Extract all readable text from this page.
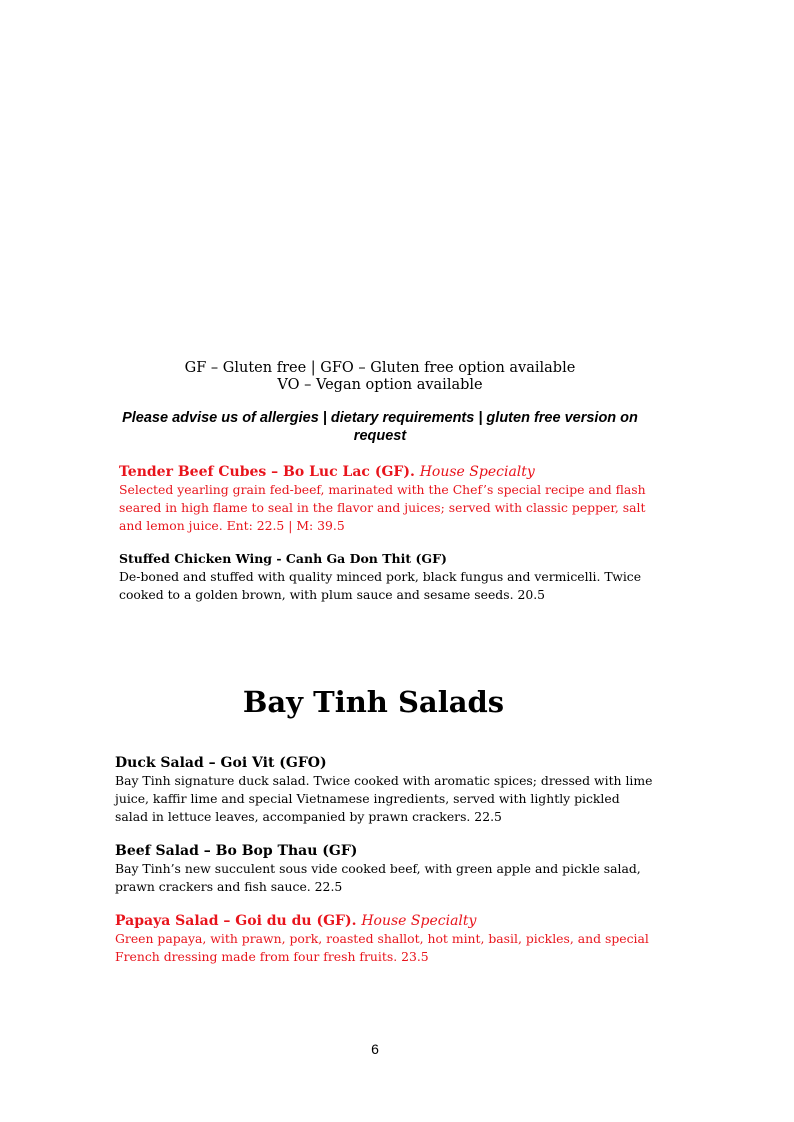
GF – Gluten free | GFO – Gluten free option available
VO – Vegan option available
Please advise us of allergies | dietary requirements | gluten free version on request
Tender Beef Cubes – Bo Luc Lac (GF). House Specialty
Selected yearling grain fed-beef, marinated with the Chef’s special recipe and flash seared in high flame to seal in the flavor and juices; served with classic pepper, salt and lemon juice. Ent: 22.5 | M: 39.5
Stuffed Chicken Wing - Canh Ga Don Thit (GF)
De-boned and stuffed with quality minced pork, black fungus and vermicelli. Twice cooked to a golden brown, with plum sauce and sesame seeds. 20.5
Bay Tinh Salads
Duck Salad – Goi Vit (GFO)
Bay Tinh signature duck salad. Twice cooked with aromatic spices; dressed with lime juice, kaffir lime and special Vietnamese ingredients, served with lightly pickled salad in lettuce leaves, accompanied by prawn crackers. 22.5
Beef Salad – Bo Bop Thau (GF)
Bay Tinh’s new succulent sous vide cooked beef, with green apple and pickle salad, prawn crackers and fish sauce. 22.5
Papaya Salad – Goi du du (GF). House Specialty
Green papaya, with prawn, pork, roasted shallot, hot mint, basil, pickles, and special French dressing made from four fresh fruits. 23.5
6
